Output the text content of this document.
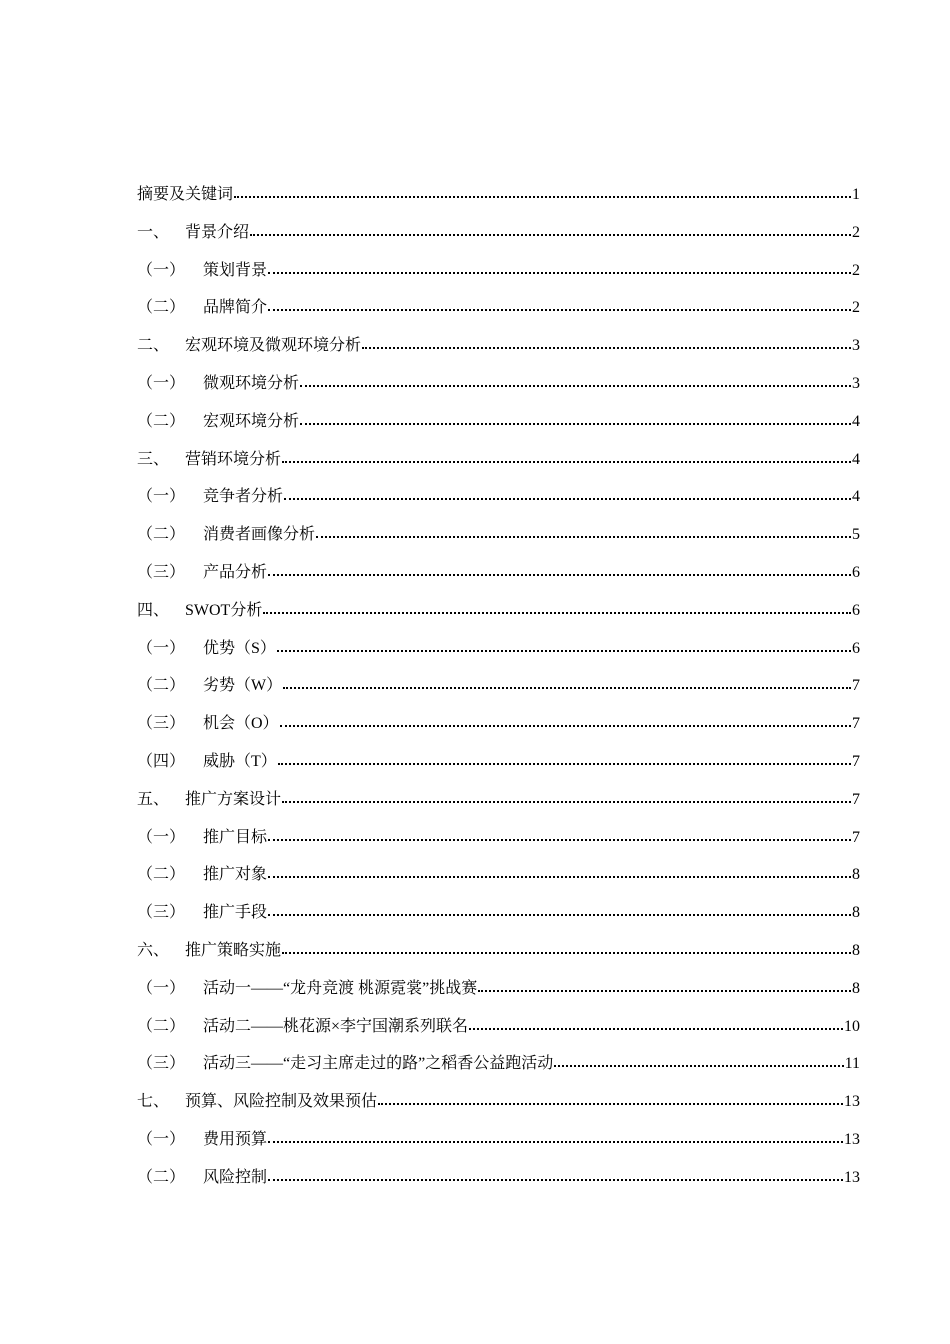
摘要及关键词	1
一、 背景介绍	2
（一）	策划背景	2
（二）	品牌简介	2
二、 宏观环境及微观环境分析	3
（一）	微观环境分析	3
（二）	宏观环境分析	4
三、 营销环境分析	4
（一）	竞争者分析	4
（二）	消费者画像分析	5
（三）	产品分析	6
四、 SWOT分析	6
（一）	优势（S）	6
（二）	劣势（W）	7
（三）	机会（O）	7
（四）	威胁（T）	7
五、 推广方案设计	7
（一）	推广目标	7
（二）	推广对象	8
（三）	推广手段	8
六、 推广策略实施	8
（一）	活动一——“龙舟竞渡 桃源霓裳”挑战赛	8
（二）	活动二——桃花源×李宁国潮系列联名	10
（三）	活动三——“走习主席走过的路”之稻香公益跑活动	11
七、 预算、风险控制及效果预估	13
（一）	费用预算	13
（二）	风险控制	13
